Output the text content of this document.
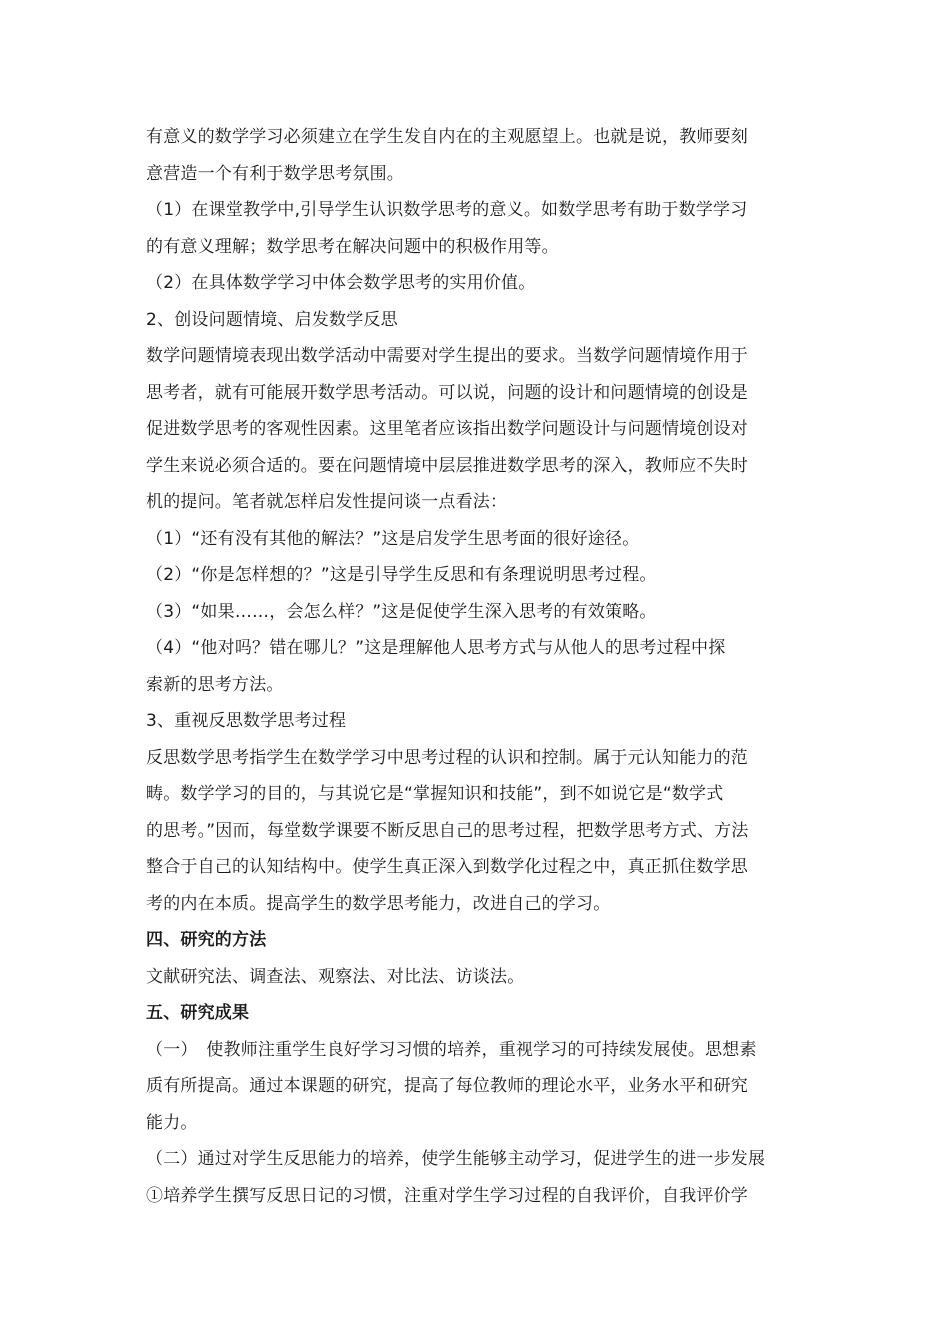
有意义的数学学习必须建立在学生发自内在的主观愿望上。也就是说，教师要刻
意营造一个有利于数学思考氛围。
（1）在课堂教学中,引导学生认识数学思考的意义。如数学思考有助于数学学习
的有意义理解；数学思考在解决问题中的积极作用等。
（2）在具体数学学习中体会数学思考的实用价值。
2、创设问题情境、启发数学反思
数学问题情境表现出数学活动中需要对学生提出的要求。当数学问题情境作用于
思考者，就有可能展开数学思考活动。可以说，问题的设计和问题情境的创设是
促进数学思考的客观性因素。这里笔者应该指出数学问题设计与问题情境创设对
学生来说必须合适的。要在问题情境中层层推进数学思考的深入，教师应不失时
机的提问。笔者就怎样启发性提问谈一点看法：
（1）“还有没有其他的解法？”这是启发学生思考面的很好途径。
（2）“你是怎样想的？”这是引导学生反思和有条理说明思考过程。
（3）“如果……，会怎么样？”这是促使学生深入思考的有效策略。
（4）“他对吗？错在哪儿？”这是理解他人思考方式与从他人的思考过程中探
索新的思考方法。
3、重视反思数学思考过程
反思数学思考指学生在数学学习中思考过程的认识和控制。属于元认知能力的范
畴。数学学习的目的，与其说它是“掌握知识和技能”，到不如说它是“数学式
的思考。”因而，每堂数学课要不断反思自己的思考过程，把数学思考方式、方法
整合于自己的认知结构中。使学生真正深入到数学化过程之中，真正抓住数学思
考的内在本质。提高学生的数学思考能力，改进自己的学习。
四、研究的方法
文献研究法、调查法、观察法、对比法、访谈法。
五、研究成果
（一）　使教师注重学生良好学习习惯的培养，重视学习的可持续发展使。思想素
质有所提高。通过本课题的研究，提高了每位教师的理论水平，业务水平和研究
能力。
（二）通过对学生反思能力的培养，使学生能够主动学习，促进学生的进一步发展
①培养学生撰写反思日记的习惯，注重对学生学习过程的自我评价，自我评价学
